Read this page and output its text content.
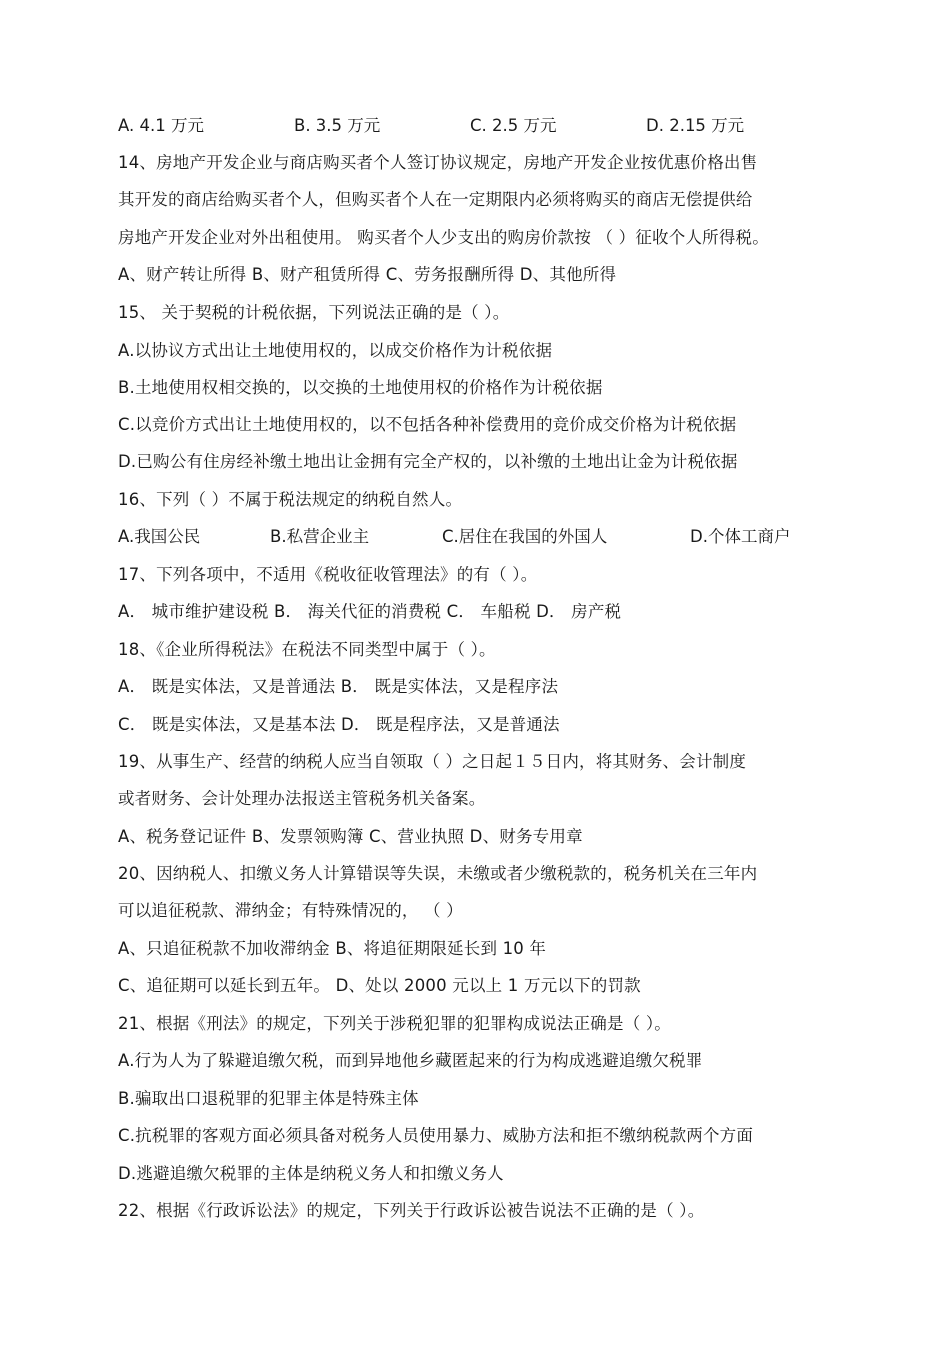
A. 4.1 万元	B. 3.5 万元	C. 2.5 万元	D. 2.15 万元
14、房地产开发企业与商店购买者个人签订协议规定，房地产开发企业按优惠价格出售
其开发的商店给购买者个人，但购买者个人在一定期限内必须将购买的商店无偿提供给
房地产开发企业对外出租使用。 购买者个人少支出的购房价款按 （ ）征收个人所得税。
A、财产转让所得 B、财产租赁所得 C、劳务报酬所得 D、其他所得
15、 关于契税的计税依据，下列说法正确的是（ ）。
A.以协议方式出让土地使用权的，以成交价格作为计税依据
B.土地使用权相交换的，以交换的土地使用权的价格作为计税依据
C.以竞价方式出让土地使用权的，以不包括各种补偿费用的竞价成交价格为计税依据
D.已购公有住房经补缴土地出让金拥有完全产权的，以补缴的土地出让金为计税依据
16、下列（ ）不属于税法规定的纳税自然人。
A.我国公民	B.私营企业主	C.居住在我国的外国人	D.个体工商户
17、下列各项中，不适用《税收征收管理法》的有（ ）。
A． 城市维护建设税 B． 海关代征的消费税 C． 车船税 D． 房产税
18、《企业所得税法》在税法不同类型中属于（ ）。
A． 既是实体法，又是普通法 B． 既是实体法，又是程序法
C． 既是实体法，又是基本法 D． 既是程序法，又是普通法
19、从事生产、经营的纳税人应当自领取（ ）之日起１５日内，将其财务、会计制度
或者财务、会计处理办法报送主管税务机关备案。
A、税务登记证件 B、发票领购簿 C、营业执照 D、财务专用章
20、因纳税人、扣缴义务人计算错误等失误，未缴或者少缴税款的，税务机关在三年内
可以追征税款、滞纳金；有特殊情况的， （ ）
A、只追征税款不加收滞纳金 B、将追征期限延长到 10 年
C、追征期可以延长到五年。 D、处以 2000 元以上 1 万元以下的罚款
21、根据《刑法》的规定，下列关于涉税犯罪的犯罪构成说法正确是（ ）。
A.行为人为了躲避追缴欠税，而到异地他乡藏匿起来的行为构成逃避追缴欠税罪
B.骗取出口退税罪的犯罪主体是特殊主体
C.抗税罪的客观方面必须具备对税务人员使用暴力、威胁方法和拒不缴纳税款两个方面
D.逃避追缴欠税罪的主体是纳税义务人和扣缴义务人
22、根据《行政诉讼法》的规定，下列关于行政诉讼被告说法不正确的是（ ）。
